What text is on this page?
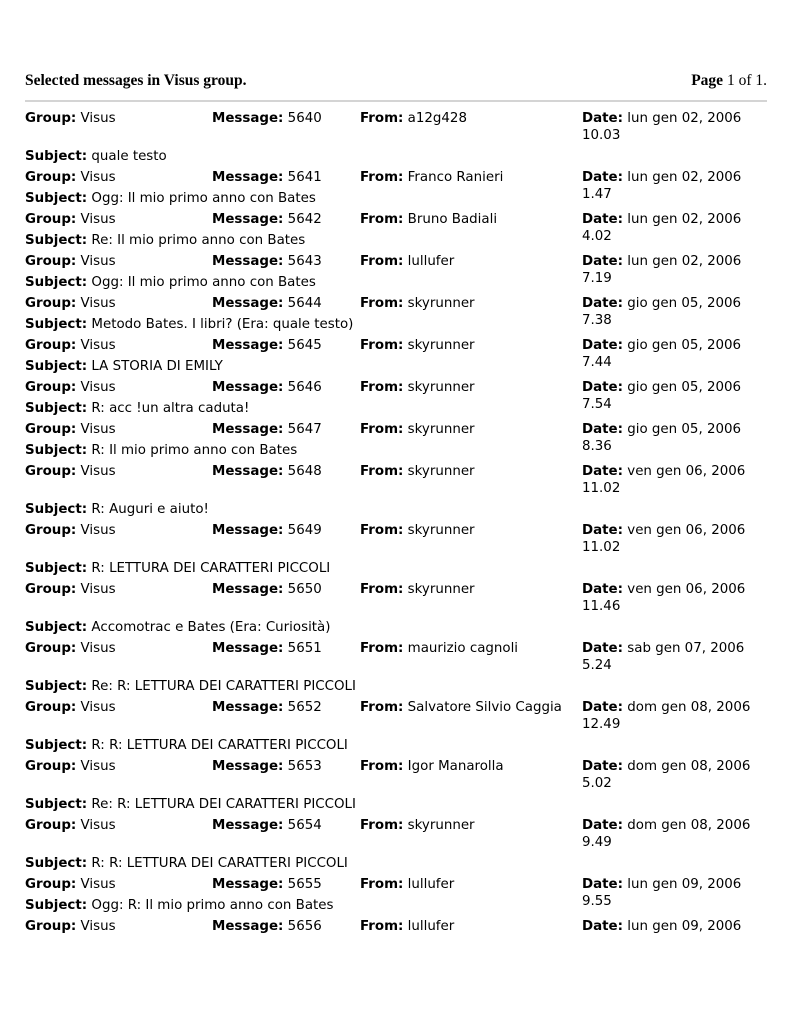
Selected messages in Visus group.	Page 1 of 1.
Group: Visus	Message: 5640	From: a12g428	Date: lun gen 02, 2006 10.03
Subject: quale testo
Group: Visus	Message: 5641	From: Franco Ranieri	Date: lun gen 02, 2006 1.47
Subject: Ogg: Il mio primo anno con Bates
Group: Visus	Message: 5642	From: Bruno Badiali	Date: lun gen 02, 2006 4.02
Subject: Re: Il mio primo anno con Bates
Group: Visus	Message: 5643	From: lullufer	Date: lun gen 02, 2006 7.19
Subject: Ogg: Il mio primo anno con Bates
Group: Visus	Message: 5644	From: skyrunner	Date: gio gen 05, 2006 7.38
Subject: Metodo Bates. I libri? (Era: quale testo)
Group: Visus	Message: 5645	From: skyrunner	Date: gio gen 05, 2006 7.44
Subject: LA STORIA DI EMILY
Group: Visus	Message: 5646	From: skyrunner	Date: gio gen 05, 2006 7.54
Subject: R: acc !un altra caduta!
Group: Visus	Message: 5647	From: skyrunner	Date: gio gen 05, 2006 8.36
Subject: R: Il mio primo anno con Bates
Group: Visus	Message: 5648	From: skyrunner	Date: ven gen 06, 2006 11.02
Subject: R: Auguri e aiuto!
Group: Visus	Message: 5649	From: skyrunner	Date: ven gen 06, 2006 11.02
Subject: R: LETTURA DEI CARATTERI PICCOLI
Group: Visus	Message: 5650	From: skyrunner	Date: ven gen 06, 2006 11.46
Subject: Accomotrac e Bates (Era: Curiosità)
Group: Visus	Message: 5651	From: maurizio cagnoli	Date: sab gen 07, 2006 5.24
Subject: Re: R: LETTURA DEI CARATTERI PICCOLI
Group: Visus	Message: 5652	From: Salvatore Silvio Caggia Date: dom gen 08, 2006 12.49
Subject: R: R: LETTURA DEI CARATTERI PICCOLI
Group: Visus	Message: 5653	From: Igor Manarolla	Date: dom gen 08, 2006 5.02
Subject: Re: R: LETTURA DEI CARATTERI PICCOLI
Group: Visus	Message: 5654	From: skyrunner	Date: dom gen 08, 2006 9.49
Subject: R: R: LETTURA DEI CARATTERI PICCOLI
Group: Visus	Message: 5655	From: lullufer	Date: lun gen 09, 2006 9.55
Subject: Ogg: R: Il mio primo anno con Bates
Group: Visus	Message: 5656	From: lullufer	Date: lun gen 09, 2006
